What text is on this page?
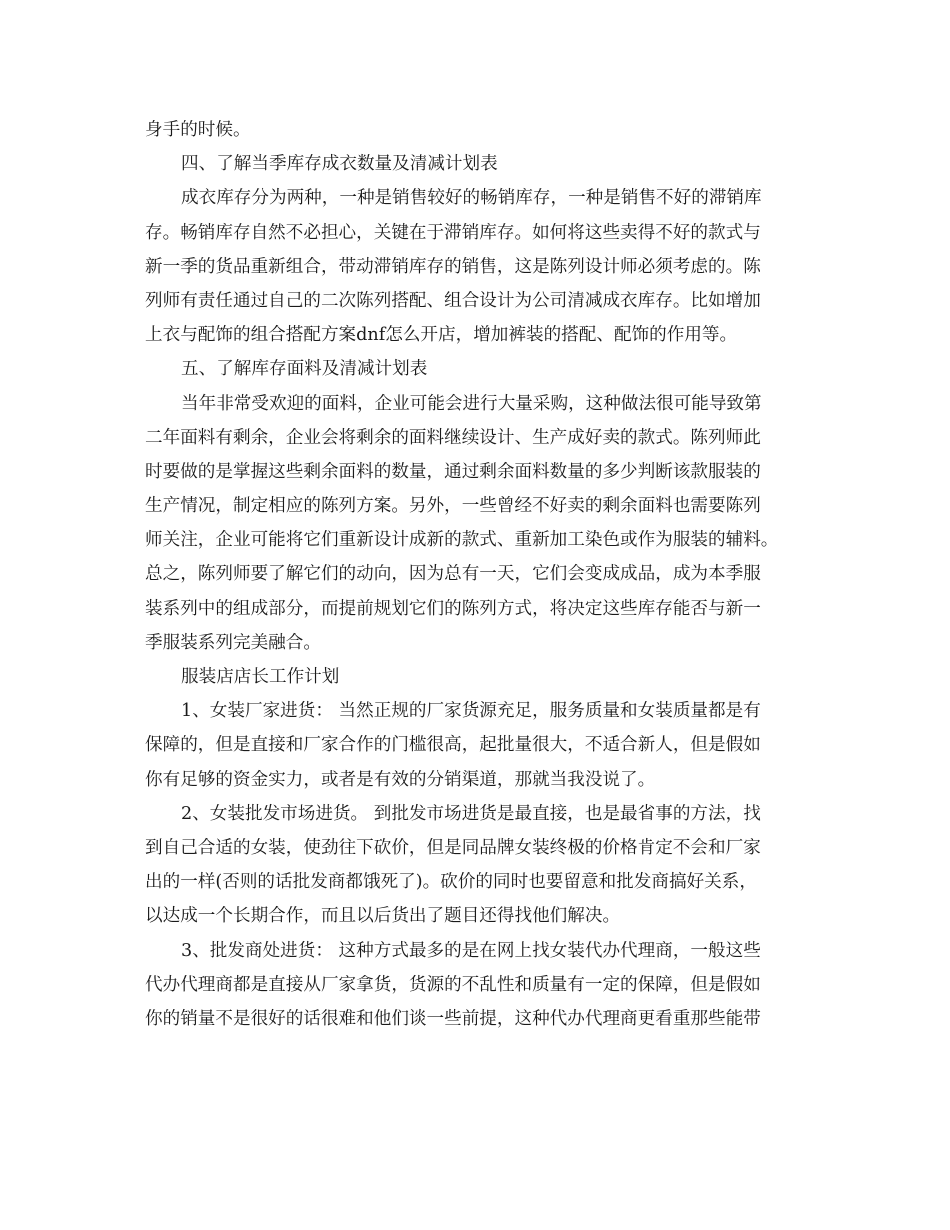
身手的时候。
四、了解当季库存成衣数量及清减计划表
成衣库存分为两种，一种是销售较好的畅销库存，一种是销售不好的滞销库
存。畅销库存自然不必担心，关键在于滞销库存。如何将这些卖得不好的款式与
新一季的货品重新组合，带动滞销库存的销售，这是陈列设计师必须考虑的。陈
列师有责任通过自己的二次陈列搭配、组合设计为公司清减成衣库存。比如增加
上衣与配饰的组合搭配方案dnf怎么开店，增加裤装的搭配、配饰的作用等。
五、了解库存面料及清减计划表
当年非常受欢迎的面料，企业可能会进行大量采购，这种做法很可能导致第
二年面料有剩余，企业会将剩余的面料继续设计、生产成好卖的款式。陈列师此
时要做的是掌握这些剩余面料的数量，通过剩余面料数量的多少判断该款服装的
生产情况，制定相应的陈列方案。另外，一些曾经不好卖的剩余面料也需要陈列
师关注，企业可能将它们重新设计成新的款式、重新加工染色或作为服装的辅料。
总之，陈列师要了解它们的动向，因为总有一天，它们会变成成品，成为本季服
装系列中的组成部分，而提前规划它们的陈列方式，将决定这些库存能否与新一
季服装系列完美融合。
服装店店长工作计划
1、女装厂家进货： 当然正规的厂家货源充足，服务质量和女装质量都是有
保障的，但是直接和厂家合作的门槛很高，起批量很大，不适合新人，但是假如
你有足够的资金实力，或者是有效的分销渠道，那就当我没说了。
2、女装批发市场进货。 到批发市场进货是最直接，也是最省事的方法，找
到自己合适的女装，使劲往下砍价，但是同品牌女装终极的价格肯定不会和厂家
出的一样(否则的话批发商都饿死了)。砍价的同时也要留意和批发商搞好关系，
以达成一个长期合作，而且以后货出了题目还得找他们解决。
3、批发商处进货： 这种方式最多的是在网上找女装代办代理商，一般这些
代办代理商都是直接从厂家拿货，货源的不乱性和质量有一定的保障，但是假如
你的销量不是很好的话很难和他们谈一些前提，这种代办代理商更看重那些能带
